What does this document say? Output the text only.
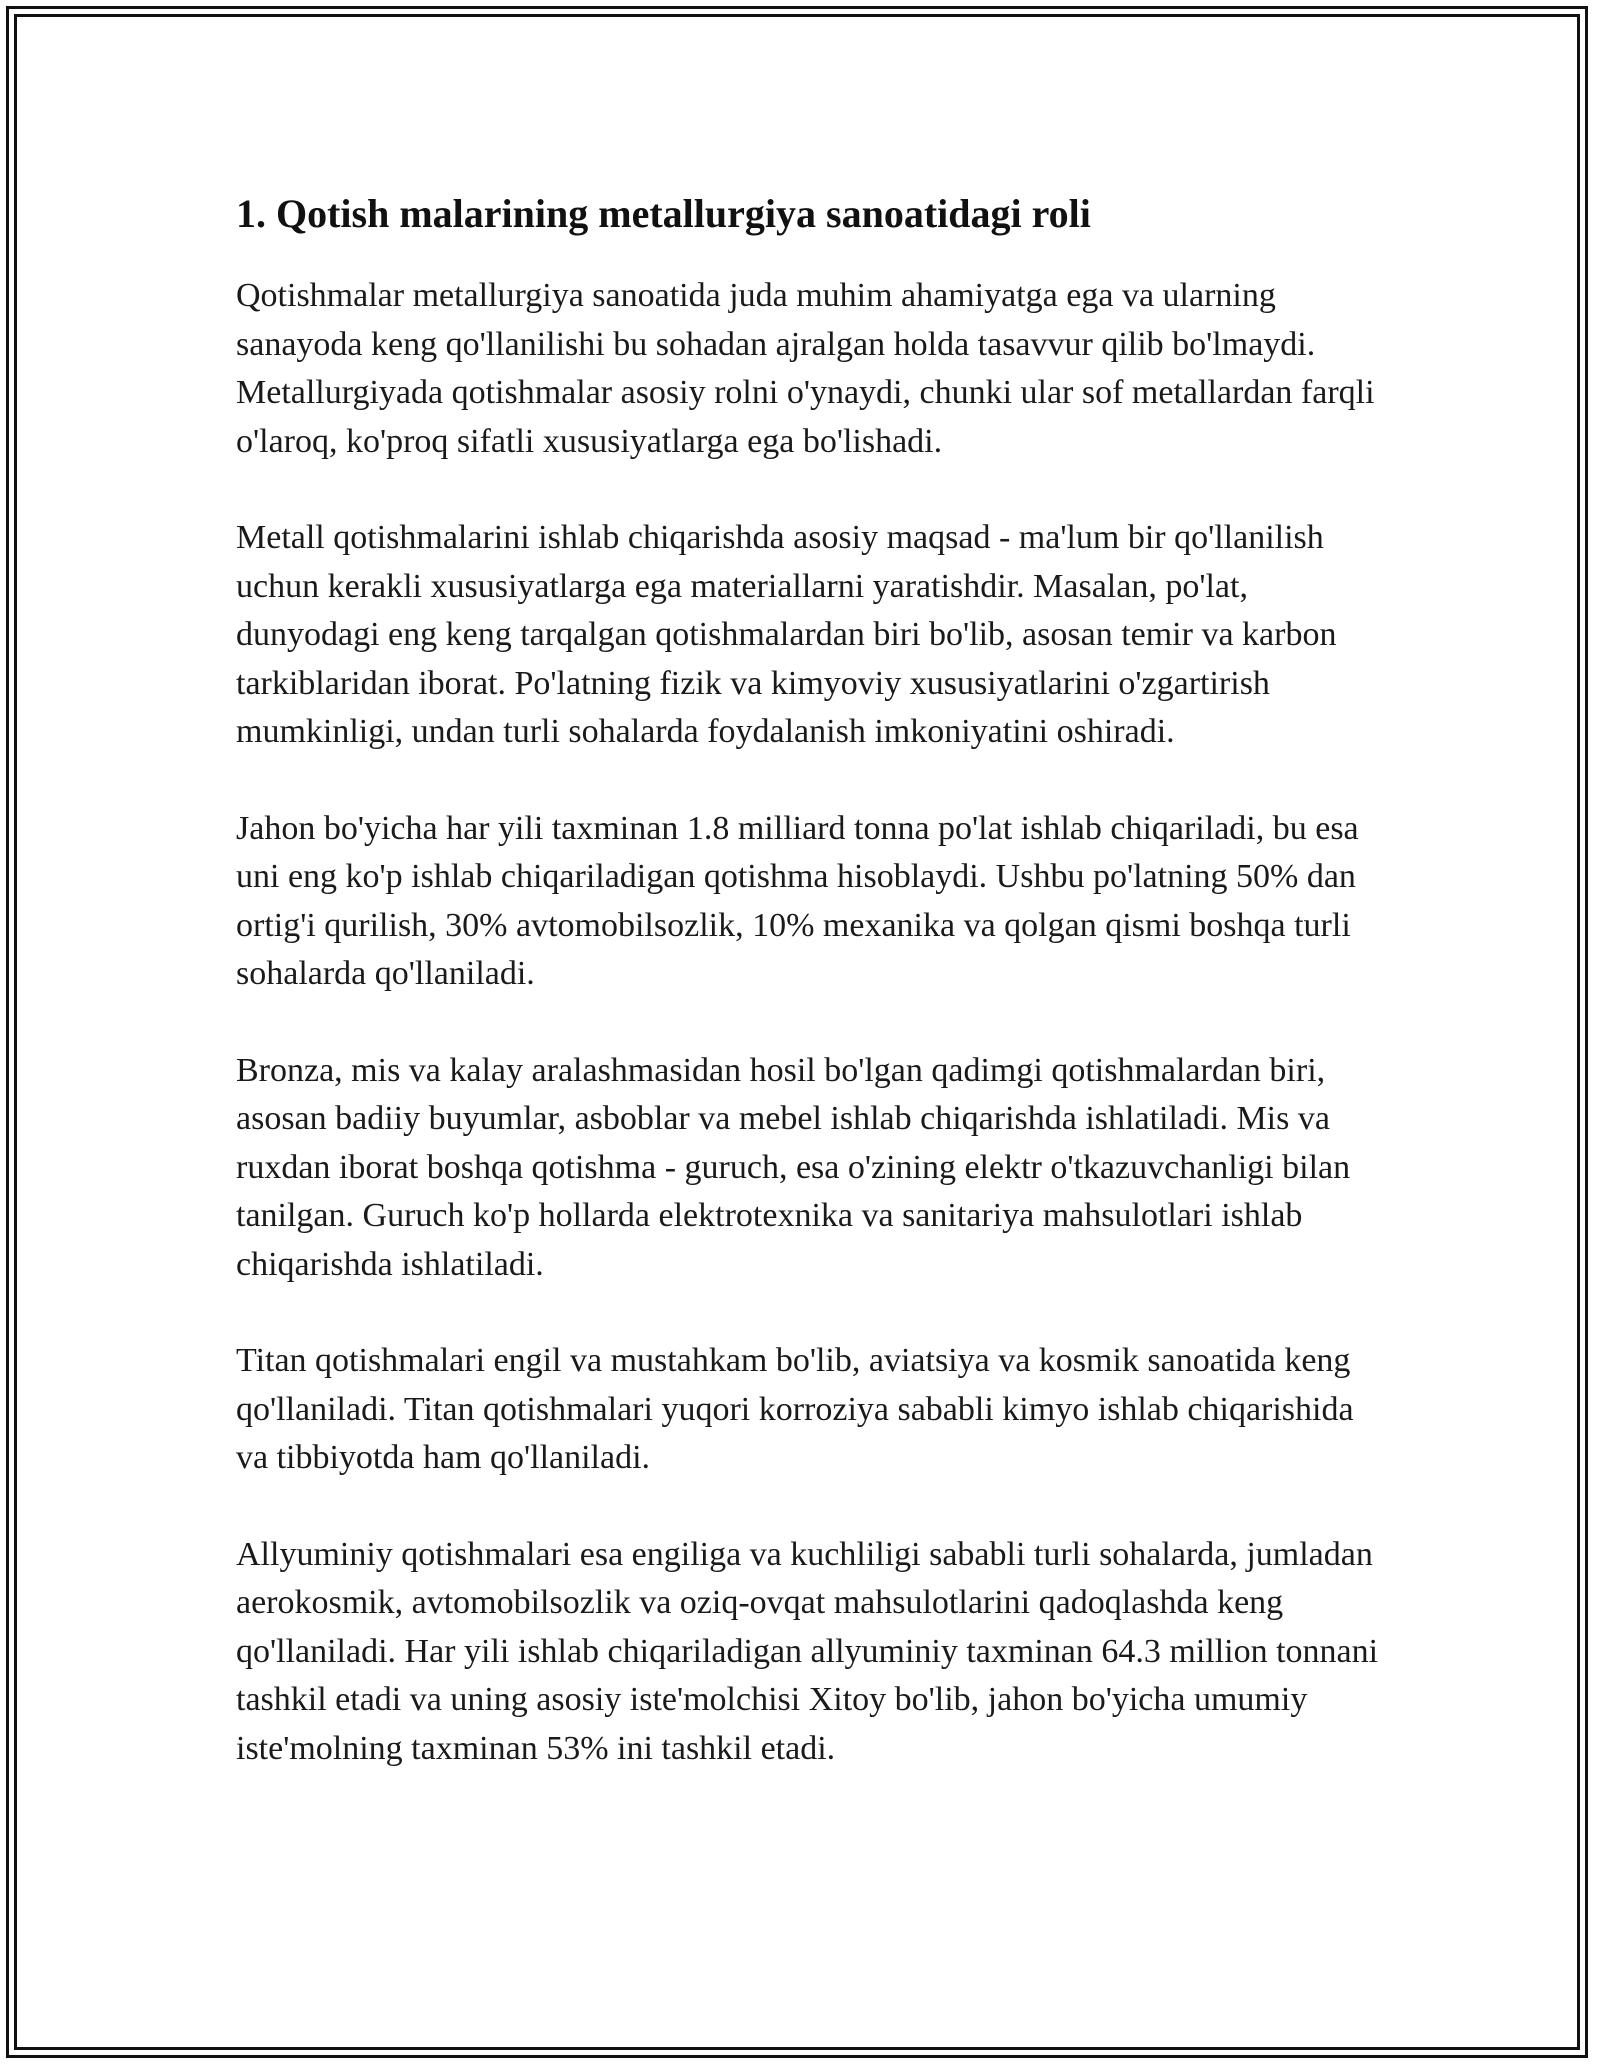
1. Qotish malarining metallurgiya sanoatidagi roli

Qotishmalar metallurgiya sanoatida juda muhim ahamiyatga ega va ularning sanayoda keng qo'llanilishi bu sohadan ajralgan holda tasavvur qilib bo'lmaydi. Metallurgiyada qotishmalar asosiy rolni o'ynaydi, chunki ular sof metallardan farqli o'laroq, ko'proq sifatli xususiyatlarga ega bo'lishadi.

Metall qotishmalarini ishlab chiqarishda asosiy maqsad - ma'lum bir qo'llanilish uchun kerakli xususiyatlarga ega materiallarni yaratishdir. Masalan, po'lat, dunyodagi eng keng tarqalgan qotishmalardan biri bo'lib, asosan temir va karbon tarkiblaridan iborat. Po'latning fizik va kimyoviy xususiyatlarini o'zgartirish mumkinligi, undan turli sohalarda foydalanish imkoniyatini oshiradi.

Jahon bo'yicha har yili taxminan 1.8 milliard tonna po'lat ishlab chiqariladi, bu esa uni eng ko'p ishlab chiqariladigan qotishma hisoblaydi. Ushbu po'latning 50% dan ortig'i qurilish, 30% avtomobilsozlik, 10% mexanika va qolgan qismi boshqa turli sohalarda qo'llaniladi.

Bronza, mis va kalay aralashmasidan hosil bo'lgan qadimgi qotishmalardan biri, asosan badiiy buyumlar, asboblar va mebel ishlab chiqarishda ishlatiladi. Mis va ruxdan iborat boshqa qotishma - guruch, esa o'zining elektr o'tkazuvchanligi bilan tanilgan. Guruch ko'p hollarda elektrotexnika va sanitariya mahsulotlari ishlab chiqarishda ishlatiladi.

Titan qotishmalari engil va mustahkam bo'lib, aviatsiya va kosmik sanoatida keng qo'llaniladi. Titan qotishmalari yuqori korroziya sababli kimyo ishlab chiqarishida va tibbiyotda ham qo'llaniladi.

Allyuminiy qotishmalari esa engiliga va kuchliligi sababli turli sohalarda, jumladan aerokosmik, avtomobilsozlik va oziq-ovqat mahsulotlarini qadoqlashda keng qo'llaniladi. Har yili ishlab chiqariladigan allyuminiy taxminan 64.3 million tonnani tashkil etadi va uning asosiy iste'molchisi Xitoy bo'lib, jahon bo'yicha umumiy iste'molning taxminan 53% ini tashkil etadi.
